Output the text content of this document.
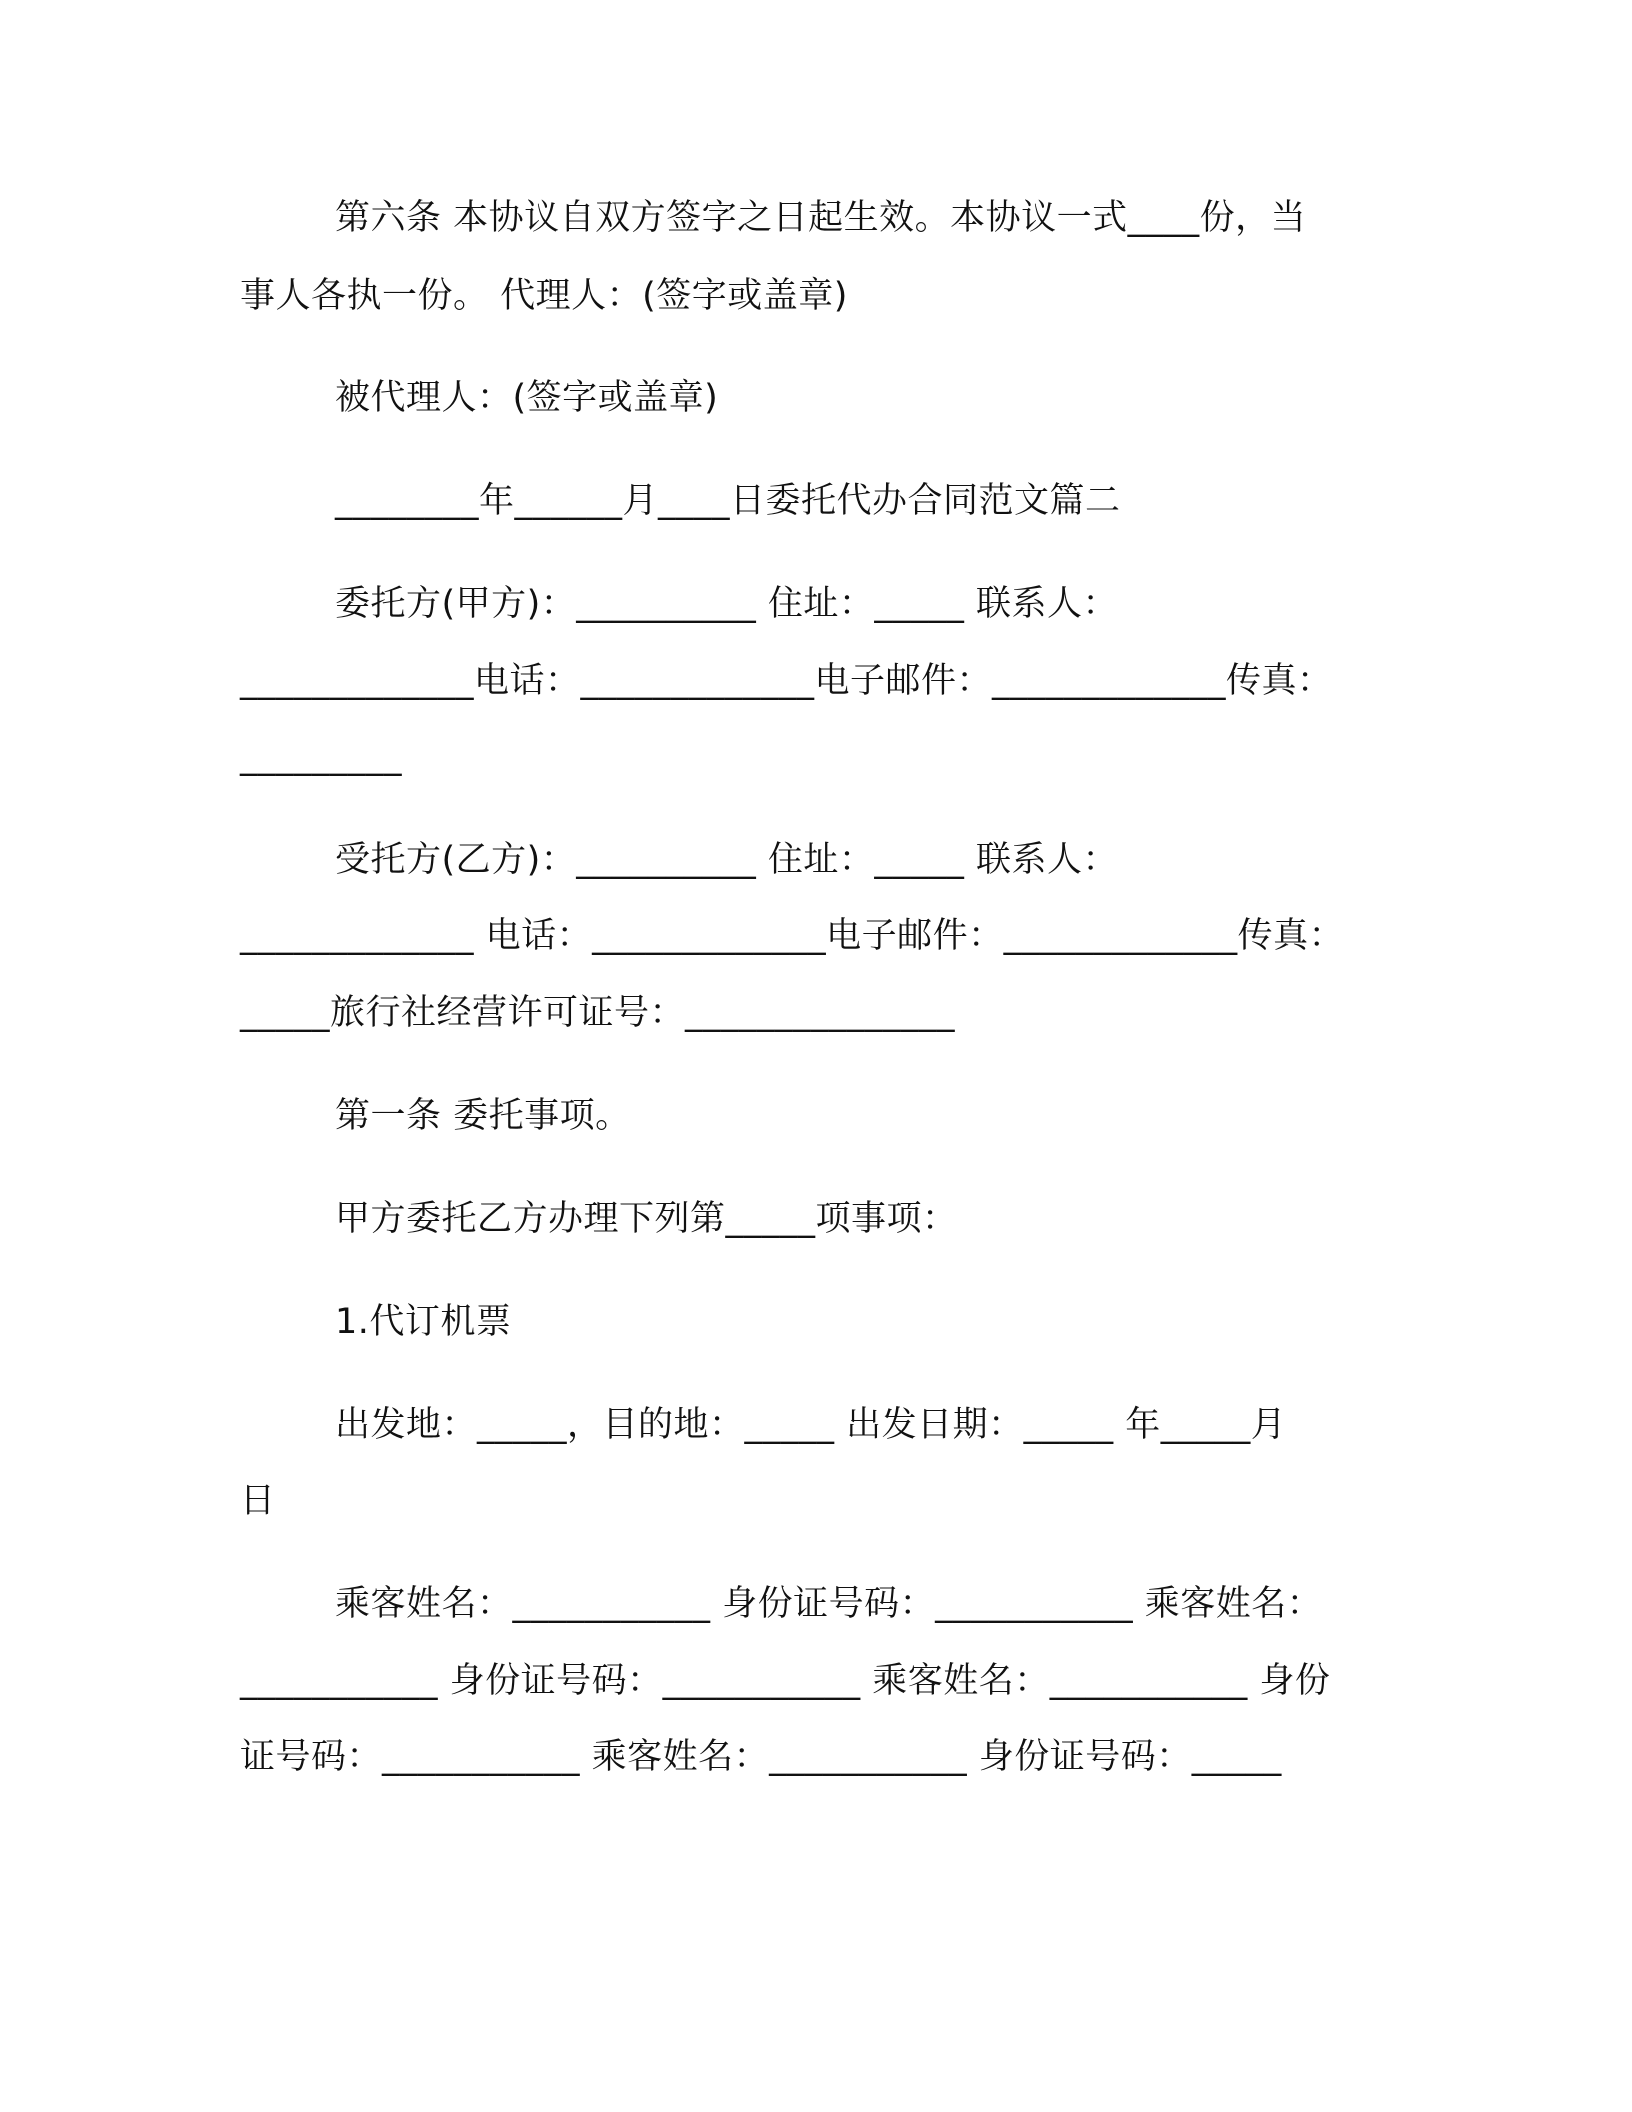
第六条 本协议自双方签字之日起生效。本协议一式____份，当
事人各执一份。 代理人：(签字或盖章)
被代理人：(签字或盖章)
________年______月____日委托代办合同范文篇二
委托方(甲方)：__________ 住址：_____ 联系人：
_____________电话：_____________电子邮件：_____________传真：
_________
受托方(乙方)：__________ 住址：_____ 联系人：
_____________ 电话：_____________电子邮件：_____________传真：
_____旅行社经营许可证号：_______________
第一条 委托事项。
甲方委托乙方办理下列第_____项事项：
1.代订机票
出发地：_____，目的地：_____ 出发日期：_____ 年_____月
日
乘客姓名：___________ 身份证号码：___________ 乘客姓名：
___________ 身份证号码：___________ 乘客姓名：___________ 身份
证号码：___________ 乘客姓名：___________ 身份证号码：_____
